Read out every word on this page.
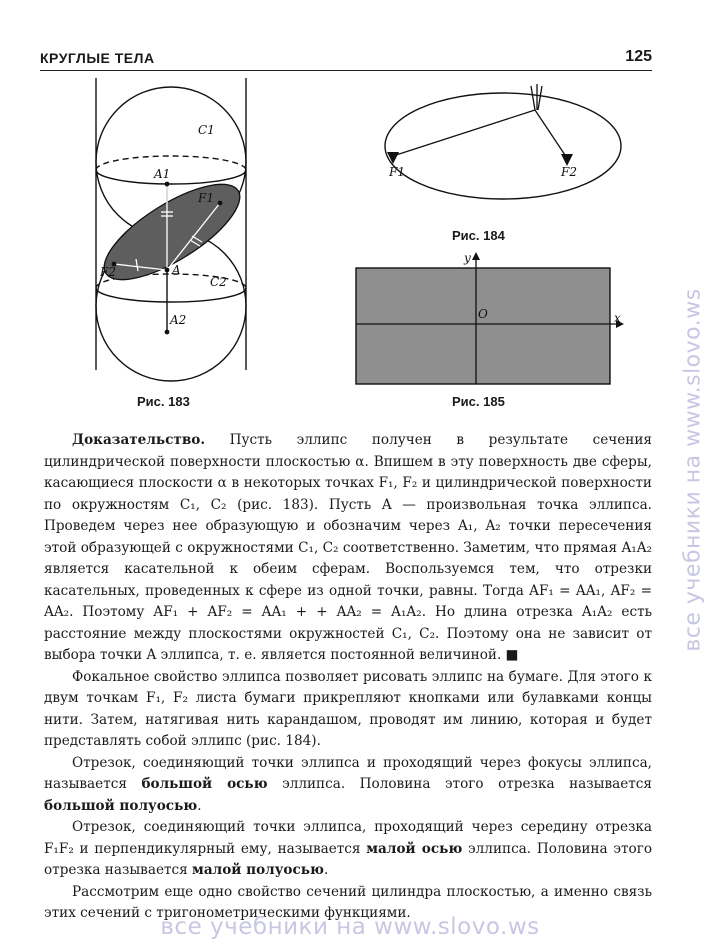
КРУГЛЫЕ ТЕЛА	125
C1
A1
F1
F2	A
C2
A2
Рис. 183
F1	F2
Рис. 184
y
x
O
Рис. 185

Доказательство. Пусть эллипс получен в результате сечения цилиндрической поверхности плоскостью α. Впишем в эту поверхность две сферы, касающиеся плоскости α в некоторых точках F₁, F₂ и цилиндрической поверхности по окружностям C₁, C₂ (рис. 183). Пусть A — произвольная точка эллипса. Проведем через нее образующую и обозначим через A₁, A₂ точки пересечения этой образующей с окружностями C₁, C₂ соответственно. Заметим, что прямая A₁A₂ является касательной к обеим сферам. Воспользуемся тем, что отрезки касательных, проведенных к сфере из одной точки, равны. Тогда AF₁ = AA₁, AF₂ = AA₂. Поэтому AF₁ + AF₂ = AA₁ + + AA₂ = A₁A₂. Но длина отрезка A₁A₂ есть расстояние между плоскостями окружностей C₁, C₂. Поэтому она не зависит от выбора точки A эллипса, т. е. является постоянной величиной. ■

Фокальное свойство эллипса позволяет рисовать эллипс на бумаге. Для этого к двум точкам F₁, F₂ листа бумаги прикрепляют кнопками или булавками концы нити. Затем, натягивая нить карандашом, проводят им линию, которая и будет представлять собой эллипс (рис. 184).

Отрезок, соединяющий точки эллипса и проходящий через фокусы эллипса, называется большой осью эллипса. Половина этого отрезка называется большой полуосью.

Отрезок, соединяющий точки эллипса, проходящий через середину отрезка F₁F₂ и перпендикулярный ему, называется малой осью эллипса. Половина этого отрезка называется малой полуосью.

Рассмотрим еще одно свойство сечений цилиндра плоскостью, а именно связь этих сечений с тригонометрическими функциями.

все учебники на www.slovo.ws
все учебники на www.slovo.ws
